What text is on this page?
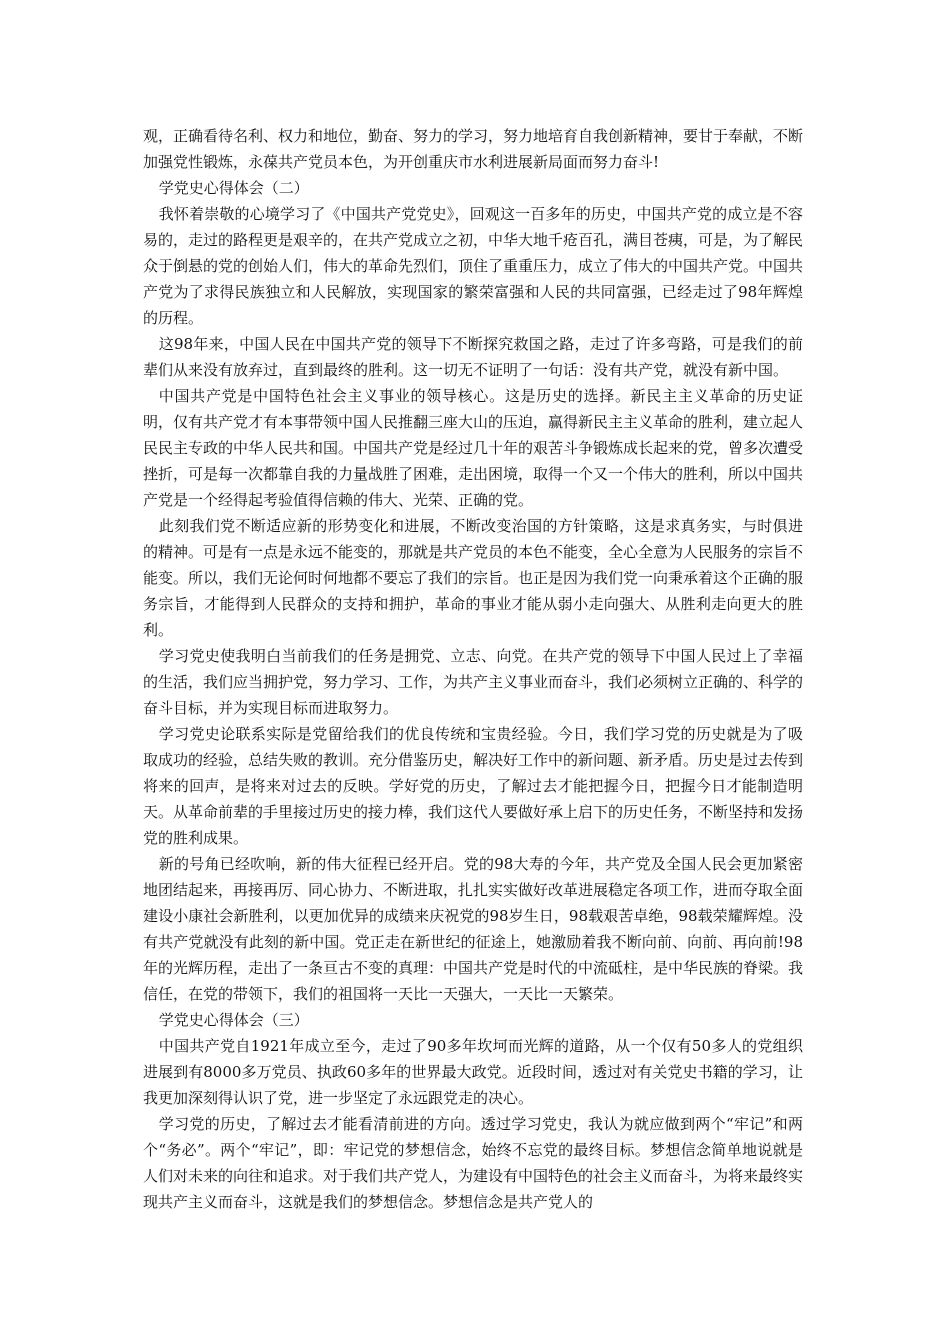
观，正确看待名利、权力和地位，勤奋、努力的学习，努力地培育自我创新精神，要甘于奉献，不断加强党性锻炼，永葆共产党员本色，为开创重庆市水利进展新局面而努力奋斗!

学党史心得体会（二）

我怀着崇敬的心境学习了《中国共产党党史》，回观这一百多年的历史，中国共产党的成立是不容易的，走过的路程更是艰辛的，在共产党成立之初，中华大地千疮百孔，满目苍痍，可是，为了解民众于倒悬的党的创始人们，伟大的革命先烈们，顶住了重重压力，成立了伟大的中国共产党。中国共产党为了求得民族独立和人民解放，实现国家的繁荣富强和人民的共同富强，已经走过了98年辉煌的历程。

这98年来，中国人民在中国共产党的领导下不断探究救国之路，走过了许多弯路，可是我们的前辈们从来没有放弃过，直到最终的胜利。这一切无不证明了一句话：没有共产党，就没有新中国。

中国共产党是中国特色社会主义事业的领导核心。这是历史的选择。新民主主义革命的历史证明，仅有共产党才有本事带领中国人民推翻三座大山的压迫，赢得新民主主义革命的胜利，建立起人民民主专政的中华人民共和国。中国共产党是经过几十年的艰苦斗争锻炼成长起来的党，曾多次遭受挫折，可是每一次都靠自我的力量战胜了困难，走出困境，取得一个又一个伟大的胜利，所以中国共产党是一个经得起考验值得信赖的伟大、光荣、正确的党。

此刻我们党不断适应新的形势变化和进展，不断改变治国的方针策略，这是求真务实，与时俱进的精神。可是有一点是永远不能变的，那就是共产党员的本色不能变，全心全意为人民服务的宗旨不能变。所以，我们无论何时何地都不要忘了我们的宗旨。也正是因为我们党一向秉承着这个正确的服务宗旨，才能得到人民群众的支持和拥护，革命的事业才能从弱小走向强大、从胜利走向更大的胜利。

学习党史使我明白当前我们的任务是拥党、立志、向党。在共产党的领导下中国人民过上了幸福的生活，我们应当拥护党，努力学习、工作，为共产主义事业而奋斗，我们必须树立正确的、科学的奋斗目标，并为实现目标而进取努力。

学习党史论联系实际是党留给我们的优良传统和宝贵经验。今日，我们学习党的历史就是为了吸取成功的经验，总结失败的教训。充分借鉴历史，解决好工作中的新问题、新矛盾。历史是过去传到将来的回声，是将来对过去的反映。学好党的历史，了解过去才能把握今日，把握今日才能制造明天。从革命前辈的手里接过历史的接力棒，我们这代人要做好承上启下的历史任务，不断坚持和发扬党的胜利成果。

新的号角已经吹响，新的伟大征程已经开启。党的98大寿的今年，共产党及全国人民会更加紧密地团结起来，再接再厉、同心协力、不断进取，扎扎实实做好改革进展稳定各项工作，进而夺取全面建设小康社会新胜利，以更加优异的成绩来庆祝党的98岁生日，98载艰苦卓绝，98载荣耀辉煌。没有共产党就没有此刻的新中国。党正走在新世纪的征途上，她激励着我不断向前、向前、再向前!98年的光辉历程，走出了一条亘古不变的真理：中国共产党是时代的中流砥柱，是中华民族的脊梁。我信任，在党的带领下，我们的祖国将一天比一天强大，一天比一天繁荣。

学党史心得体会（三）

中国共产党自1921年成立至今，走过了90多年坎坷而光辉的道路，从一个仅有50多人的党组织进展到有8000多万党员、执政60多年的世界最大政党。近段时间，透过对有关党史书籍的学习，让我更加深刻得认识了党，进一步坚定了永远跟党走的决心。

学习党的历史，了解过去才能看清前进的方向。透过学习党史，我认为就应做到两个“牢记”和两个“务必”。两个“牢记”，即：牢记党的梦想信念，始终不忘党的最终目标。梦想信念简单地说就是人们对未来的向往和追求。对于我们共产党人，为建设有中国特色的社会主义而奋斗，为将来最终实现共产主义而奋斗，这就是我们的梦想信念。梦想信念是共产党人的
